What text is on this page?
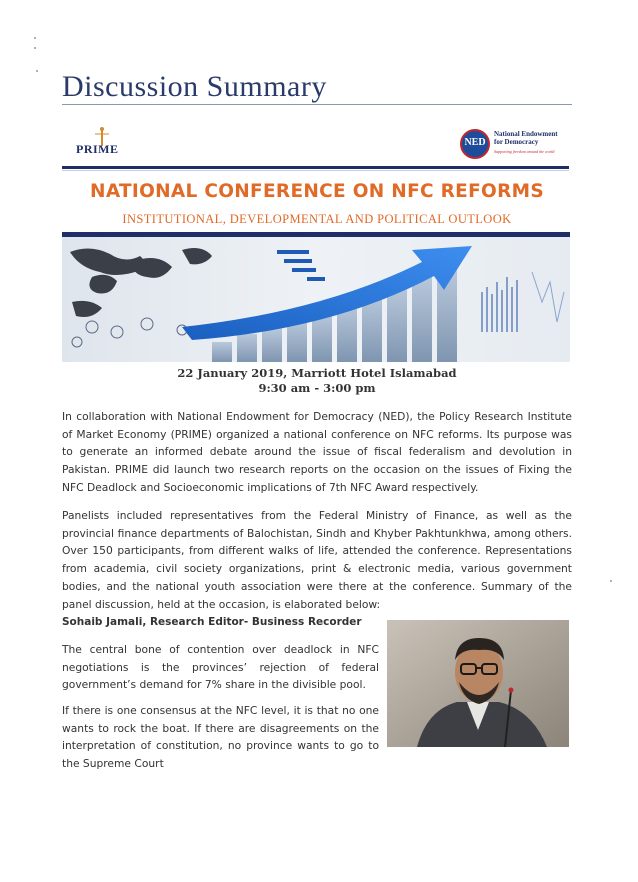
Discussion Summary
PRIME	NED
National Endowment
for Democracy
Supporting freedom around the world
NATIONAL CONFERENCE ON NFC REFORMS
INSTITUTIONAL, DEVELOPMENTAL AND POLITICAL OUTLOOK
22 January 2019, Marriott Hotel Islamabad
9:30 am - 3:00 pm
In collaboration with National Endowment for Democracy (NED), the Policy Research Institute of Market Economy (PRIME) organized a national conference on NFC reforms. Its purpose was to generate an informed debate around the issue of fiscal federalism and devolution in Pakistan. PRIME did launch two research reports on the occasion on the issues of Fixing the NFC Deadlock and Socioeconomic implications of 7th NFC Award respectively.
Panelists included representatives from the Federal Ministry of Finance, as well as the provincial finance departments of Balochistan, Sindh and Khyber Pakhtunkhwa, among others. Over 150 participants, from different walks of life, attended the conference. Representations from academia, civil society organizations, print & electronic media, various government bodies, and the national youth association were there at the conference. Summary of the panel discussion, held at the occasion, is elaborated below:
Sohaib Jamali, Research Editor- Business Recorder
The central bone of contention over deadlock in NFC negotiations is the provinces’ rejection of federal government’s demand for 7% share in the divisible pool.
If there is one consensus at the NFC level, it is that no one wants to rock the boat. If there are disagreements on the interpretation of constitution, no province wants to go to the Supreme Court
